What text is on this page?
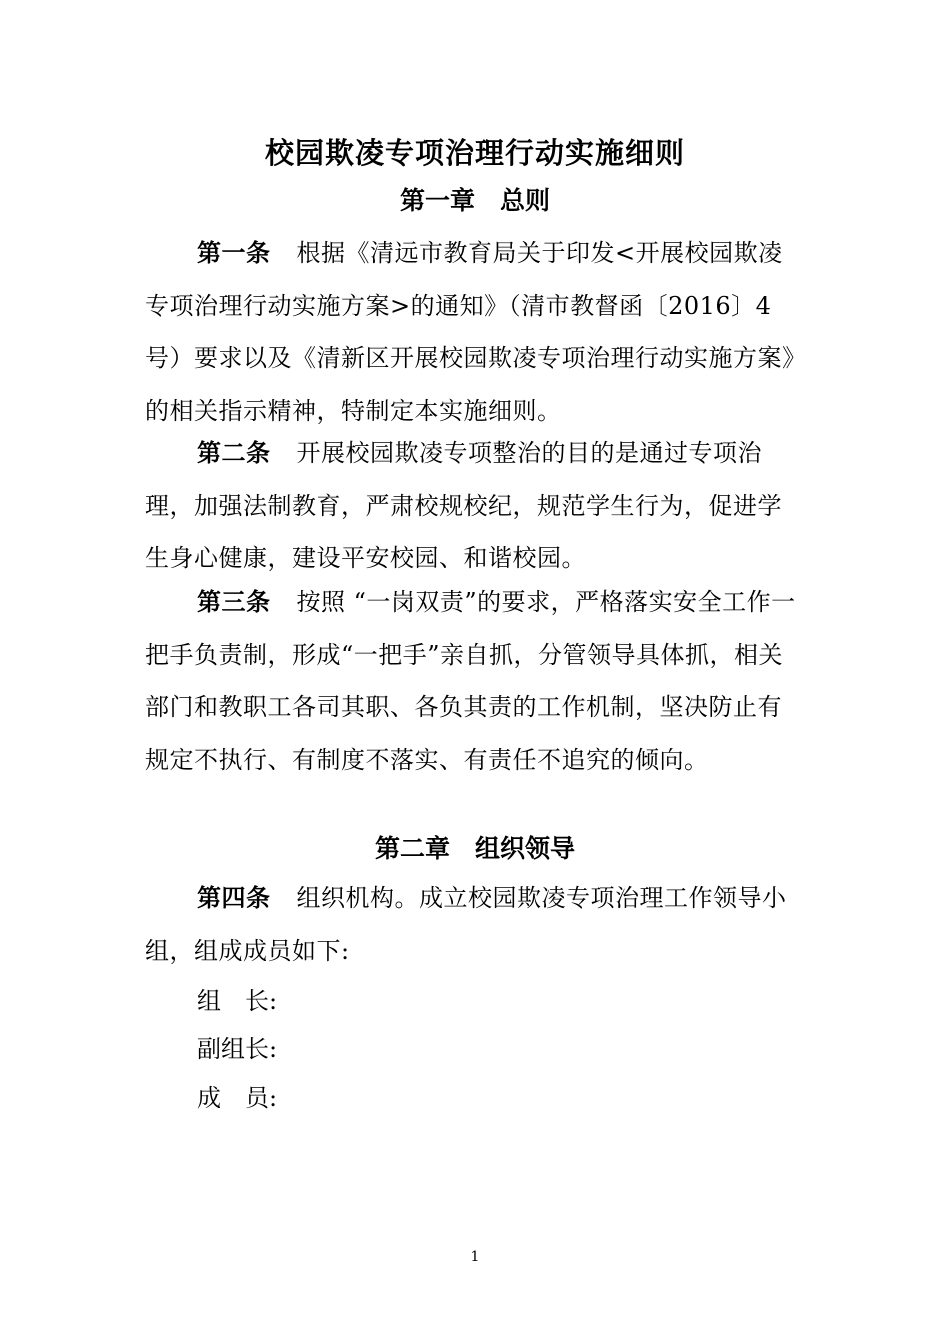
校园欺凌专项治理行动实施细则
第一章　总则

第一条 根据《清远市教育局关于印发<开展校园欺凌专项治理行动实施方案>的通知》（清市教督函〔2016〕4号）要求以及《清新区开展校园欺凌专项治理行动实施方案》的相关指示精神，特制定本实施细则。

第二条 开展校园欺凌专项整治的目的是通过专项治理，加强法制教育，严肃校规校纪，规范学生行为，促进学生身心健康，建设平安校园、和谐校园。

第三条 按照 “一岗双责”的要求，严格落实安全工作一把手负责制，形成“一把手”亲自抓，分管领导具体抓，相关部门和教职工各司其职、各负其责的工作机制，坚决防止有规定不执行、有制度不落实、有责任不追究的倾向。

第二章　组织领导

第四条 组织机构。成立校园欺凌专项治理工作领导小组，组成成员如下:

组　长:
副组长:
成　员:
1
